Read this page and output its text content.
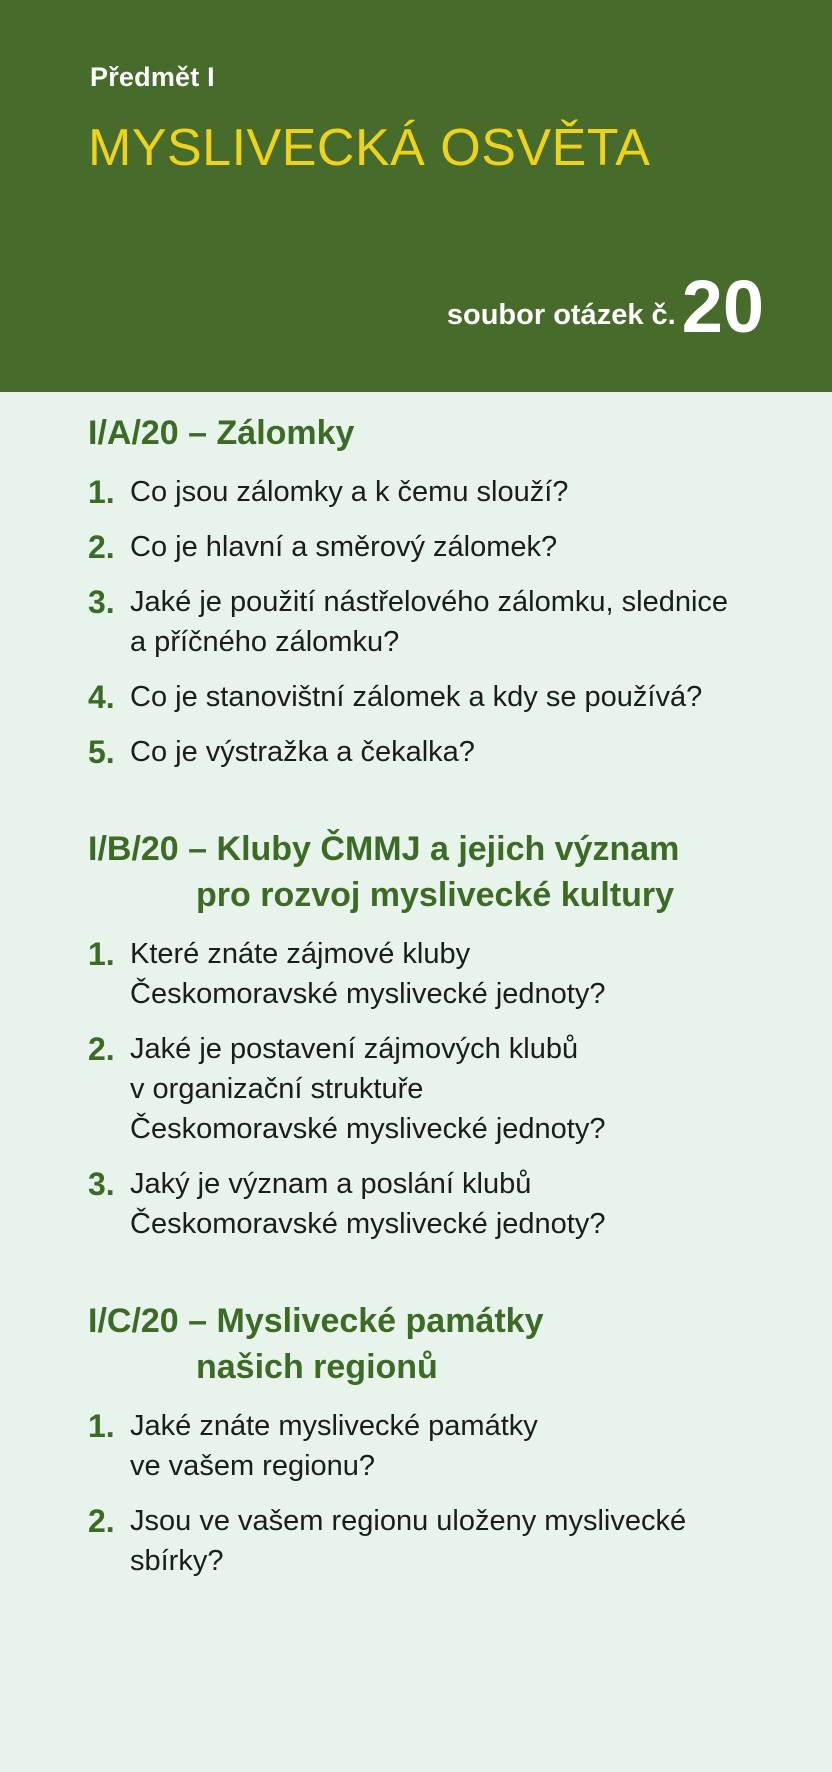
Předmět I
MYSLIVECKÁ OSVĚTA
soubor otázek č. 20
I/A/20 – Zálomky
1. Co jsou zálomky a k čemu slouží?
2. Co je hlavní a směrový zálomek?
3. Jaké je použití nástřelového zálomku, slednice
a příčného zálomku?
4. Co je stanovištní zálomek a kdy se používá?
5. Co je výstražka a čekalka?
I/B/20 – Kluby ČMMJ a jejich význam
pro rozvoj myslivecké kultury
1. Které znáte zájmové kluby
Českomoravské myslivecké jednoty?
2. Jaké je postavení zájmových klubů
v organizační struktuře
Českomoravské myslivecké jednoty?
3. Jaký je význam a poslání klubů
Českomoravské myslivecké jednoty?
I/C/20 – Myslivecké památky
našich regionů
1. Jaké znáte myslivecké památky
ve vašem regionu?
2. Jsou ve vašem regionu uloženy myslivecké
sbírky?
